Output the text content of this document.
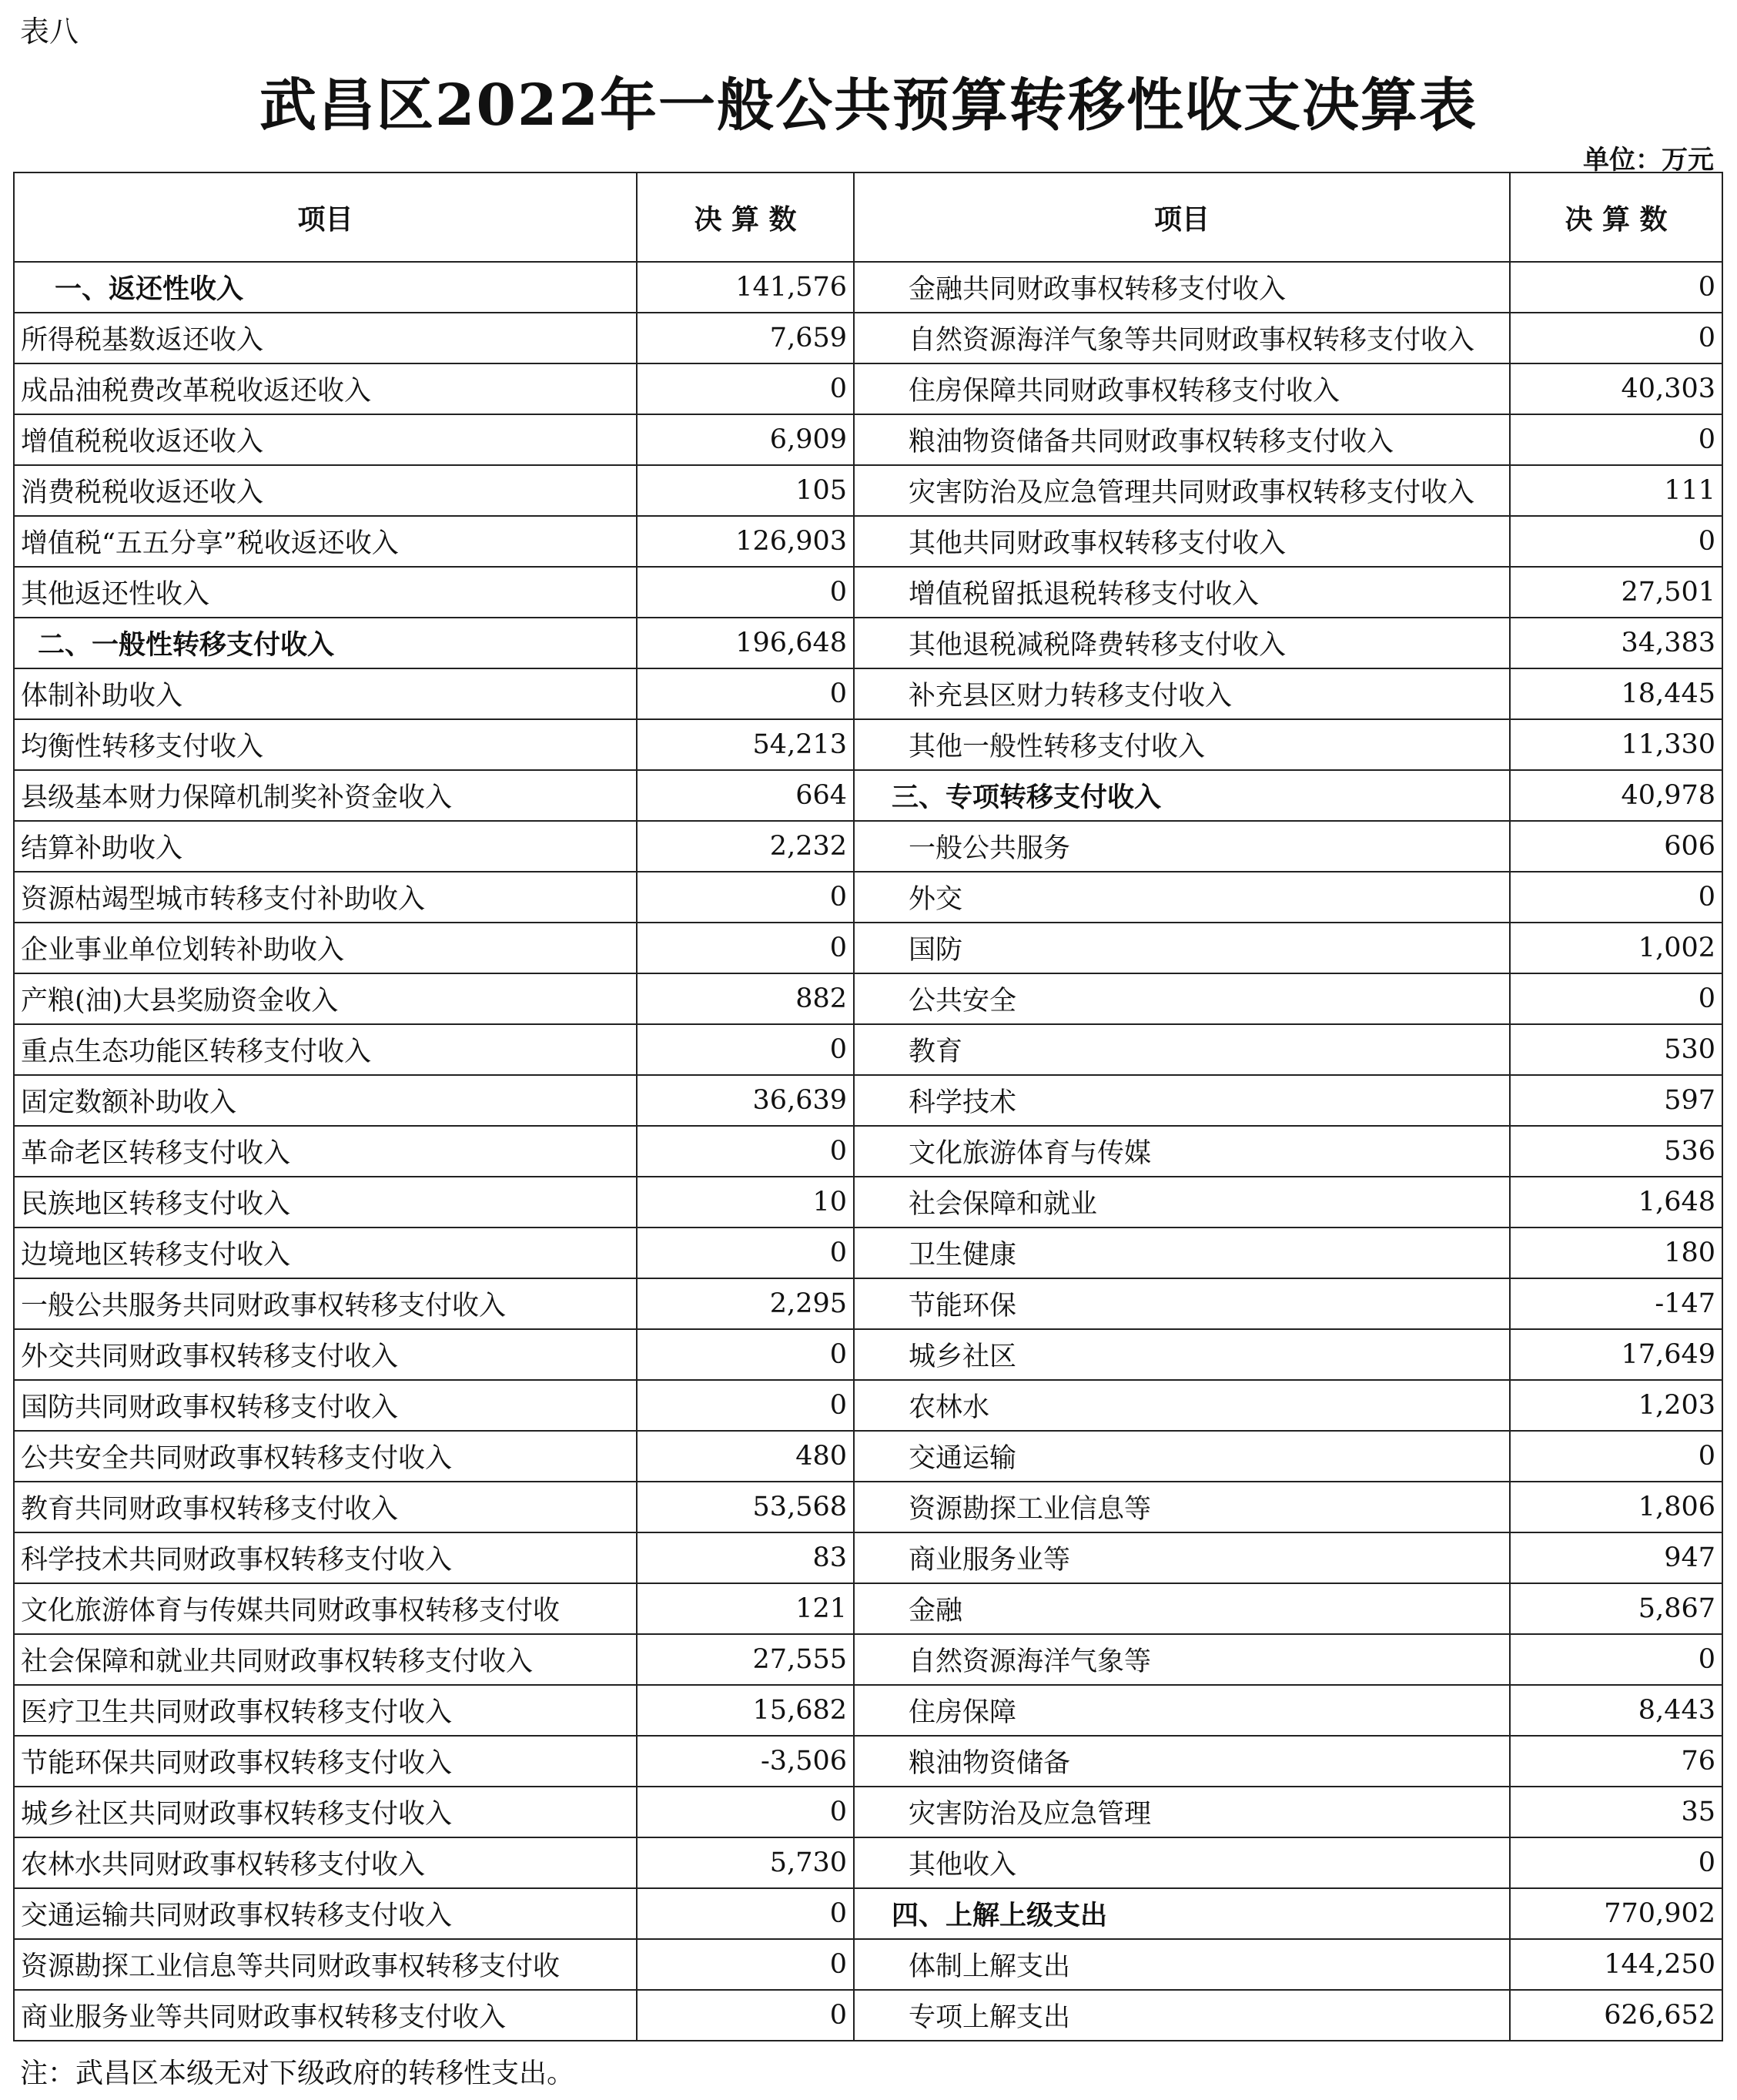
表八
武昌区2022年一般公共预算转移性收支决算表
单位：万元
项目	决 算 数	项目	决 算 数
一、返还性收入	141,576	金融共同财政事权转移支付收入	0
所得税基数返还收入	7,659	自然资源海洋气象等共同财政事权转移支付收入	0
成品油税费改革税收返还收入	0	住房保障共同财政事权转移支付收入	40,303
增值税税收返还收入	6,909	粮油物资储备共同财政事权转移支付收入	0
消费税税收返还收入	105	灾害防治及应急管理共同财政事权转移支付收入	111
增值税“五五分享”税收返还收入	126,903	其他共同财政事权转移支付收入	0
其他返还性收入	0	增值税留抵退税转移支付收入	27,501
二、一般性转移支付收入	196,648	其他退税减税降费转移支付收入	34,383
体制补助收入	0	补充县区财力转移支付收入	18,445
均衡性转移支付收入	54,213	其他一般性转移支付收入	11,330
县级基本财力保障机制奖补资金收入	664	三、专项转移支付收入	40,978
结算补助收入	2,232	一般公共服务	606
资源枯竭型城市转移支付补助收入	0	外交	0
企业事业单位划转补助收入	0	国防	1,002
产粮(油)大县奖励资金收入	882	公共安全	0
重点生态功能区转移支付收入	0	教育	530
固定数额补助收入	36,639	科学技术	597
革命老区转移支付收入	0	文化旅游体育与传媒	536
民族地区转移支付收入	10	社会保障和就业	1,648
边境地区转移支付收入	0	卫生健康	180
一般公共服务共同财政事权转移支付收入	2,295	节能环保	-147
外交共同财政事权转移支付收入	0	城乡社区	17,649
国防共同财政事权转移支付收入	0	农林水	1,203
公共安全共同财政事权转移支付收入	480	交通运输	0
教育共同财政事权转移支付收入	53,568	资源勘探工业信息等	1,806
科学技术共同财政事权转移支付收入	83	商业服务业等	947
文化旅游体育与传媒共同财政事权转移支付收	121	金融	5,867
社会保障和就业共同财政事权转移支付收入	27,555	自然资源海洋气象等	0
医疗卫生共同财政事权转移支付收入	15,682	住房保障	8,443
节能环保共同财政事权转移支付收入	-3,506	粮油物资储备	76
城乡社区共同财政事权转移支付收入	0	灾害防治及应急管理	35
农林水共同财政事权转移支付收入	5,730	其他收入	0
交通运输共同财政事权转移支付收入	0	四、上解上级支出	770,902
资源勘探工业信息等共同财政事权转移支付收	0	体制上解支出	144,250
商业服务业等共同财政事权转移支付收入	0	专项上解支出	626,652
注：武昌区本级无对下级政府的转移性支出。
